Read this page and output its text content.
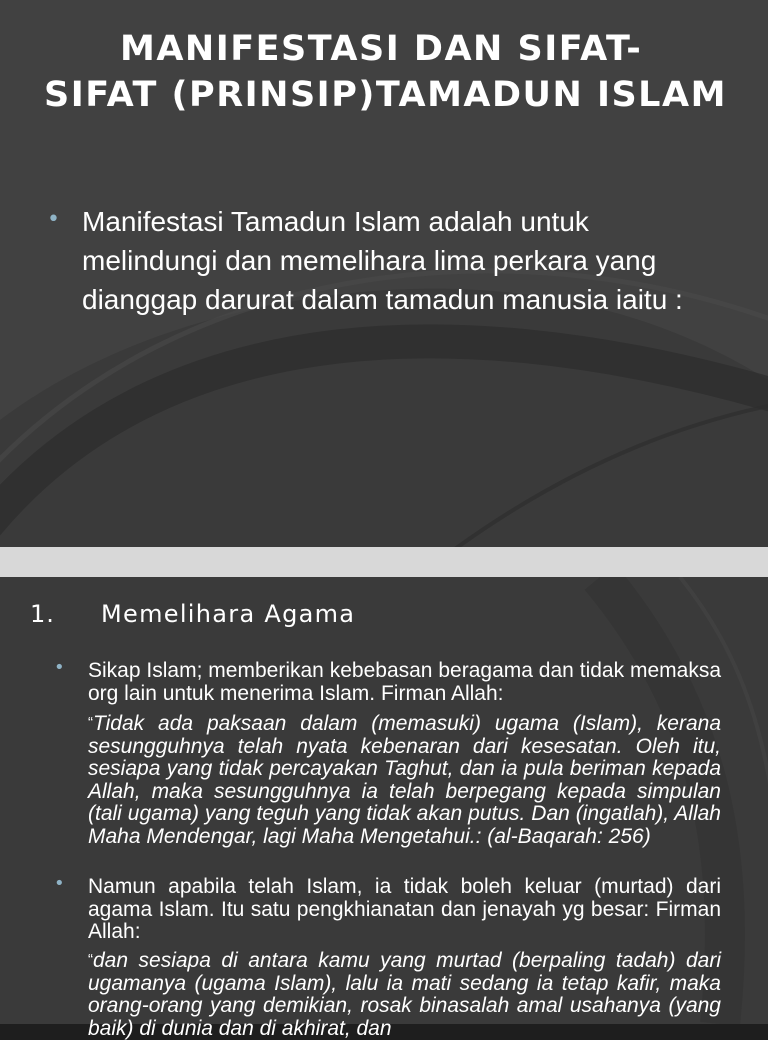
MANIFESTASI DAN SIFAT-SIFAT (PRINSIP)TAMADUN ISLAM
• Manifestasi Tamadun Islam adalah untuk melindungi dan memelihara lima perkara yang dianggap darurat dalam tamadun manusia iaitu :

1. Memelihara Agama
• Sikap Islam; memberikan kebebasan beragama dan tidak memaksa org lain untuk menerima Islam. Firman Allah:

“Tidak ada paksaan dalam (memasuki) ugama (Islam), kerana sesungguhnya telah nyata kebenaran dari kesesatan. Oleh itu, sesiapa yang tidak percayakan Taghut, dan ia pula beriman kepada Allah, maka sesungguhnya ia telah berpegang kepada simpulan (tali ugama) yang teguh yang tidak akan putus. Dan (ingatlah), Allah Maha Mendengar, lagi Maha Mengetahui.: (al-Baqarah: 256)

• Namun apabila telah Islam, ia tidak boleh keluar (murtad) dari agama Islam. Itu satu pengkhianatan dan jenayah yg besar: Firman Allah:

“dan sesiapa di antara kamu yang murtad (berpaling tadah) dari ugamanya (ugama Islam), lalu ia mati sedang ia tetap kafir, maka orang-orang yang demikian, rosak binasalah amal usahanya (yang baik) di dunia dan di akhirat, dan
